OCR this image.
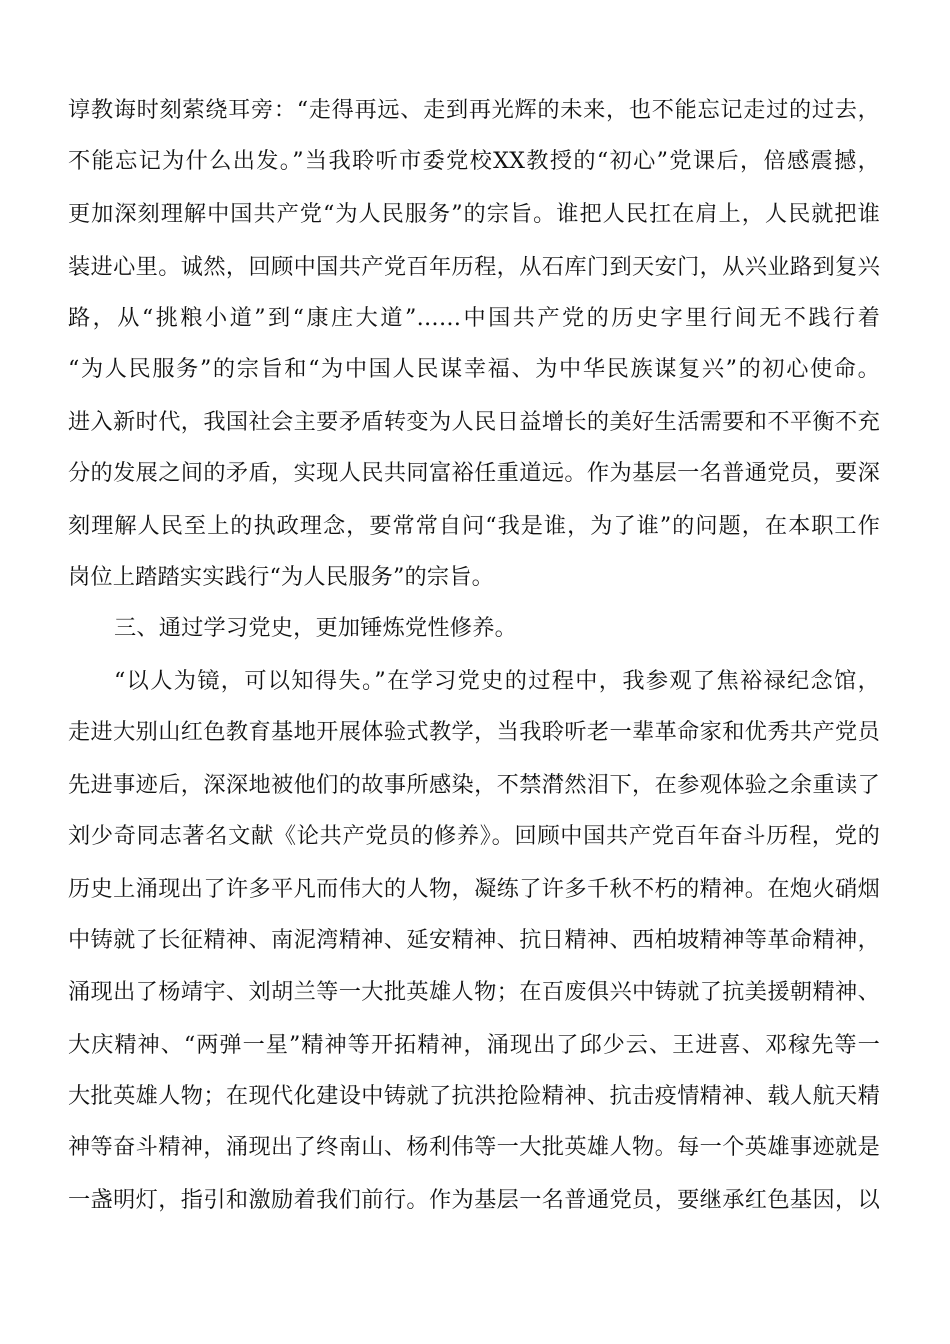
谆教诲时刻萦绕耳旁：“走得再远、走到再光辉的未来，也不能忘记走过的过去，
不能忘记为什么出发。”当我聆听市委党校XX教授的“初心”党课后，倍感震撼，
更加深刻理解中国共产党“为人民服务”的宗旨。谁把人民扛在肩上，人民就把谁
装进心里。诚然，回顾中国共产党百年历程，从石库门到天安门，从兴业路到复兴
路，从“挑粮小道”到“康庄大道”……中国共产党的历史字里行间无不践行着
“为人民服务”的宗旨和“为中国人民谋幸福、为中华民族谋复兴”的初心使命。
进入新时代，我国社会主要矛盾转变为人民日益增长的美好生活需要和不平衡不充
分的发展之间的矛盾，实现人民共同富裕任重道远。作为基层一名普通党员，要深
刻理解人民至上的执政理念，要常常自问“我是谁，为了谁”的问题，在本职工作
岗位上踏踏实实践行“为人民服务”的宗旨。
三、通过学习党史，更加锤炼党性修养。
“以人为镜，可以知得失。”在学习党史的过程中，我参观了焦裕禄纪念馆，
走进大别山红色教育基地开展体验式教学，当我聆听老一辈革命家和优秀共产党员
先进事迹后，深深地被他们的故事所感染，不禁潸然泪下，在参观体验之余重读了
刘少奇同志著名文献《论共产党员的修养》。回顾中国共产党百年奋斗历程，党的
历史上涌现出了许多平凡而伟大的人物，凝练了许多千秋不朽的精神。在炮火硝烟
中铸就了长征精神、南泥湾精神、延安精神、抗日精神、西柏坡精神等革命精神，
涌现出了杨靖宇、刘胡兰等一大批英雄人物；在百废俱兴中铸就了抗美援朝精神、
大庆精神、“两弹一星”精神等开拓精神，涌现出了邱少云、王进喜、邓稼先等一
大批英雄人物；在现代化建设中铸就了抗洪抢险精神、抗击疫情精神、载人航天精
神等奋斗精神，涌现出了终南山、杨利伟等一大批英雄人物。每一个英雄事迹就是
一盏明灯，指引和激励着我们前行。作为基层一名普通党员，要继承红色基因，以
